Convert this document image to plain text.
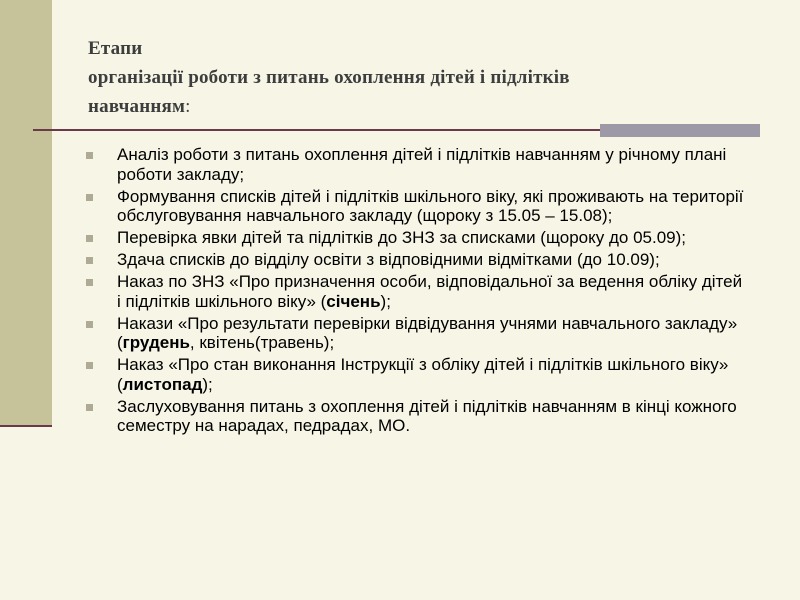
Етапи
організації роботи з питань охоплення дітей і підлітків
навчанням:
Аналіз роботи з питань охоплення дітей і підлітків навчанням у річному плані роботи закладу;
Формування списків дітей і підлітків шкільного віку, які проживають на території обслуговування навчального закладу (щороку з 15.05 – 15.08);
Перевірка явки дітей та підлітків до ЗНЗ за списками (щороку до 05.09);
Здача списків до відділу освіти з відповідними відмітками (до 10.09);
Наказ по ЗНЗ «Про призначення особи, відповідальної за ведення обліку дітей і підлітків шкільного віку» (січень);
Накази «Про результати перевірки відвідування учнями навчального закладу» (грудень, квітень(травень);
Наказ «Про стан виконання Інструкції з обліку дітей і підлітків шкільного віку» (листопад);
Заслуховування питань з охоплення дітей і підлітків навчанням в кінці кожного семестру на нарадах, педрадах, МО.
